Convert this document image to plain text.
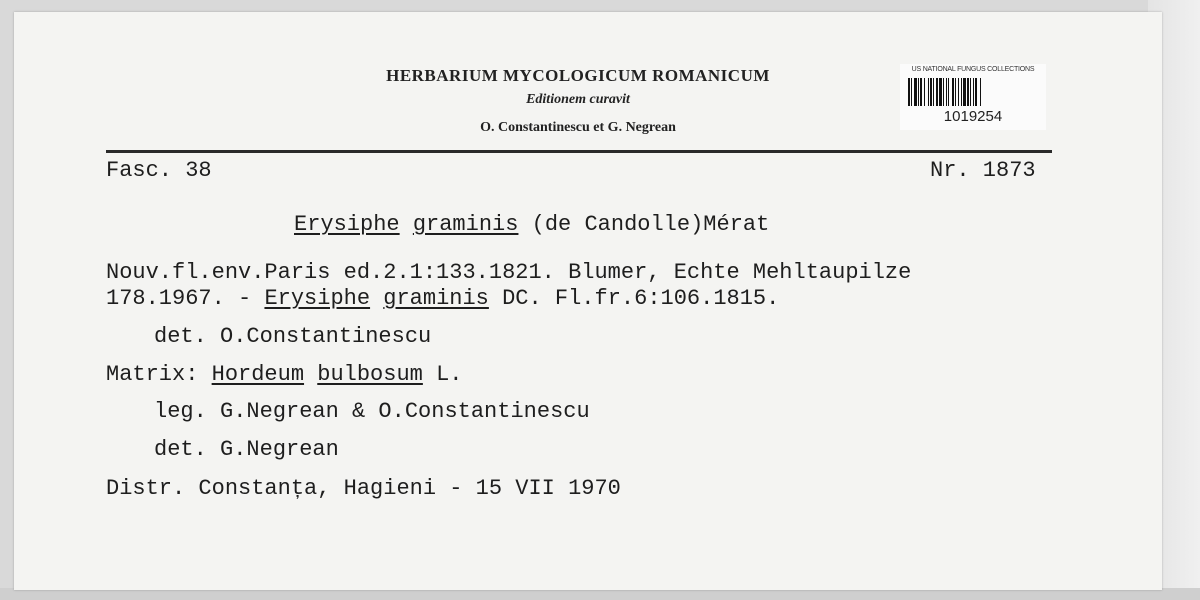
HERBARIUM MYCOLOGICUM ROMANICUM
Editionem curavit
O. Constantinescu et G. Negrean
US NATIONAL FUNGUS COLLECTIONS
1019254
Fasc. 38	Nr. 1873
Erysiphe graminis (de Candolle)Mérat
Nouv.fl.env.Paris ed.2.1:133.1821. Blumer, Echte Mehltaupilze
178.1967. - Erysiphe graminis DC. Fl.fr.6:106.1815.
det. O.Constantinescu
Matrix: Hordeum bulbosum L.
leg. G.Negrean & O.Constantinescu
det. G.Negrean
Distr. Constanța, Hagieni - 15 VII 1970
